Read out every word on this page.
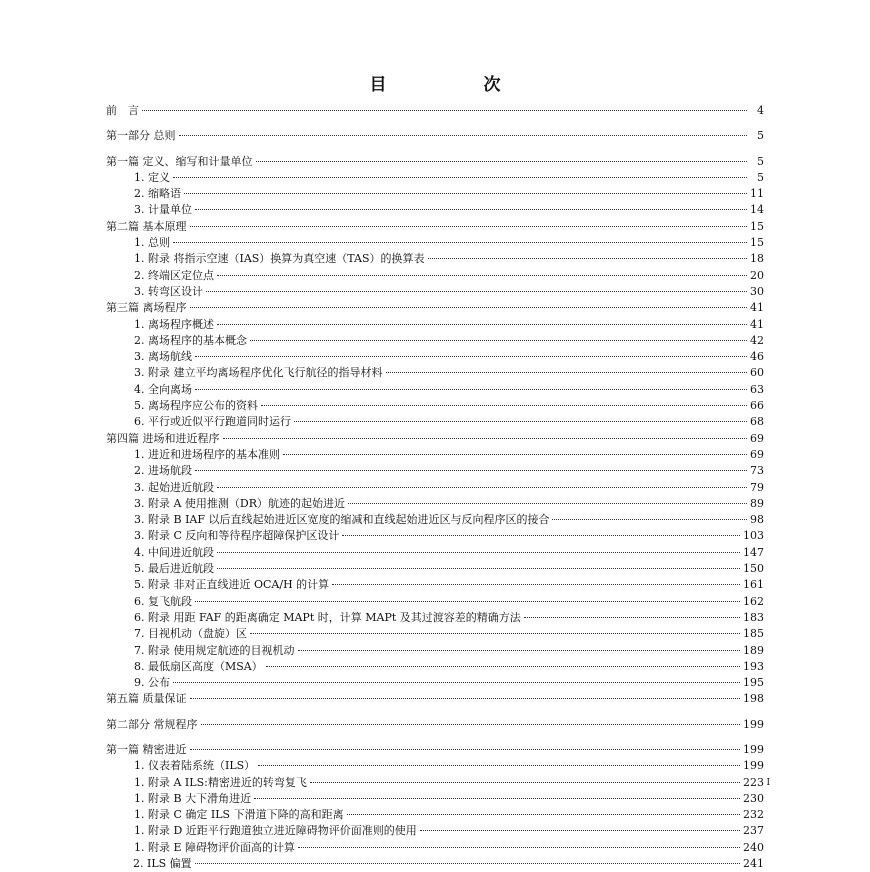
目　次
前　言	4
第一部分 总则	5
第一篇 定义、缩写和计量单位	5
1. 定义	5
2. 缩略语	11
3. 计量单位	14
第二篇 基本原理	15
1. 总则	15
1. 附录 将指示空速（IAS）换算为真空速（TAS）的换算表	18
2. 终端区定位点	20
3. 转弯区设计	30
第三篇 离场程序	41
1. 离场程序概述	41
2. 离场程序的基本概念	42
3. 离场航线	46
3. 附录 建立平均离场程序优化飞行航径的指导材料	60
4. 全向离场	63
5. 离场程序应公布的资料	66
6. 平行或近似平行跑道同时运行	68
第四篇 进场和进近程序	69
1. 进近和进场程序的基本准则	69
2. 进场航段	73
3. 起始进近航段	79
3. 附录 A 使用推测（DR）航迹的起始进近	89
3. 附录 B IAF 以后直线起始进近区宽度的缩减和直线起始进近区与反向程序区的接合	98
3. 附录 C 反向和等待程序超障保护区设计	103
4. 中间进近航段	147
5. 最后进近航段	150
5. 附录 非对正直线进近 OCA/H 的计算	161
6. 复飞航段	162
6. 附录 用距 FAF 的距离确定 MAPt 时，计算 MAPt 及其过渡容差的精确方法	183
7. 目视机动（盘旋）区	185
7. 附录 使用规定航迹的目视机动	189
8. 最低扇区高度（MSA）	193
9. 公布	195
第五篇 质量保证	198
第二部分 常规程序	199
第一篇 精密进近	199
1. 仪表着陆系统（ILS）	199
1. 附录 A ILS:精密进近的转弯复飞	223
1. 附录 B 大下滑角进近	230
1. 附录 C 确定 ILS 下滑道下降的高和距离	232
1. 附录 D 近距平行跑道独立进近障碍物评价面准则的使用	237
1. 附录 E 障碍物评价面高的计算	240
2. ILS 偏置	241
I
